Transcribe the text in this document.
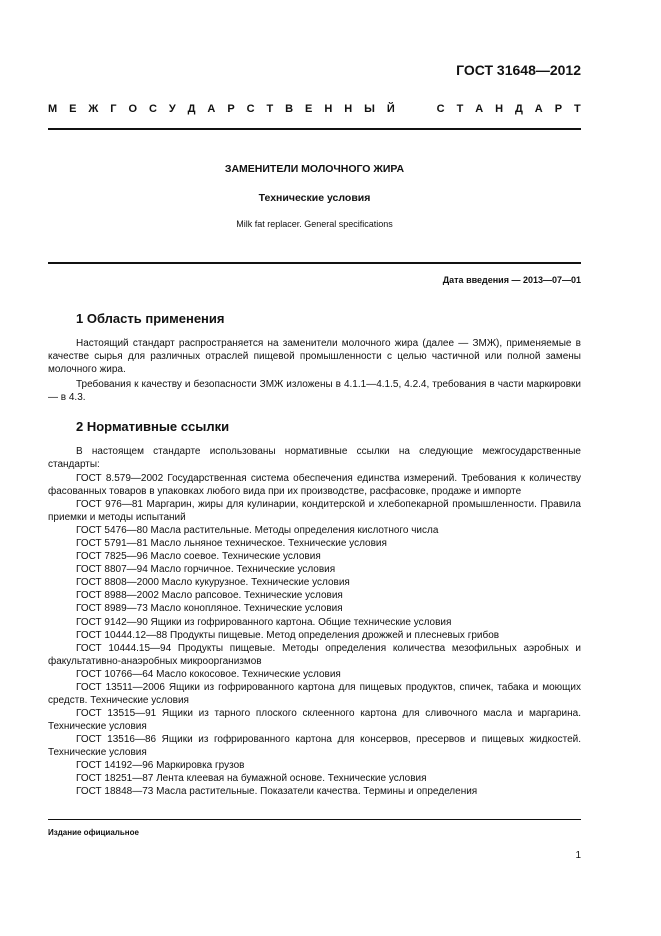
ГОСТ 31648—2012
М Е Ж Г О С У Д А Р С Т В Е Н Н Ы Й

	С Т А Н Д А Р Т
ЗАМЕНИТЕЛИ МОЛОЧНОГО ЖИРА
Технические условия
Milk fat replacer. General specifications
Дата введения — 2013—07—01
1 Область применения
Настоящий стандарт распространяется на заменители молочного жира (далее — ЗМЖ), применяемые в качестве сырья для различных отраслей пищевой промышленности с целью частичной или полной замены молочного жира.
Требования к качеству и безопасности ЗМЖ изложены в 4.1.1—4.1.5, 4.2.4, требования в части маркировки — в 4.3.
2 Нормативные ссылки
В настоящем стандарте использованы нормативные ссылки на следующие межгосударственные стандарты:
ГОСТ 8.579—2002 Государственная система обеспечения единства измерений. Требования к количеству фасованных товаров в упаковках любого вида при их производстве, расфасовке, продаже и импорте
ГОСТ 976—81 Маргарин, жиры для кулинарии, кондитерской и хлебопекарной промышленности. Правила приемки и методы испытаний
ГОСТ 5476—80 Масла растительные. Методы определения кислотного числа
ГОСТ 5791—81 Масло льняное техническое. Технические условия
ГОСТ 7825—96 Масло соевое. Технические условия
ГОСТ 8807—94 Масло горчичное. Технические условия
ГОСТ 8808—2000 Масло кукурузное. Технические условия
ГОСТ 8988—2002 Масло рапсовое. Технические условия
ГОСТ 8989—73 Масло конопляное. Технические условия
ГОСТ 9142—90 Ящики из гофрированного картона. Общие технические условия
ГОСТ 10444.12—88 Продукты пищевые. Метод определения дрожжей и плесневых грибов
ГОСТ 10444.15—94 Продукты пищевые. Методы определения количества мезофильных аэробных и факультативно-анаэробных микроорганизмов
ГОСТ 10766—64 Масло кокосовое. Технические условия
ГОСТ 13511—2006 Ящики из гофрированного картона для пищевых продуктов, спичек, табака и моющих средств. Технические условия
ГОСТ 13515—91 Ящики из тарного плоского склеенного картона для сливочного масла и маргарина. Технические условия
ГОСТ 13516—86 Ящики из гофрированного картона для консервов, пресервов и пищевых жидкостей. Технические условия
ГОСТ 14192—96 Маркировка грузов
ГОСТ 18251—87 Лента клеевая на бумажной основе. Технические условия
ГОСТ 18848—73 Масла растительные. Показатели качества. Термины и определения
Издание официальное
1
